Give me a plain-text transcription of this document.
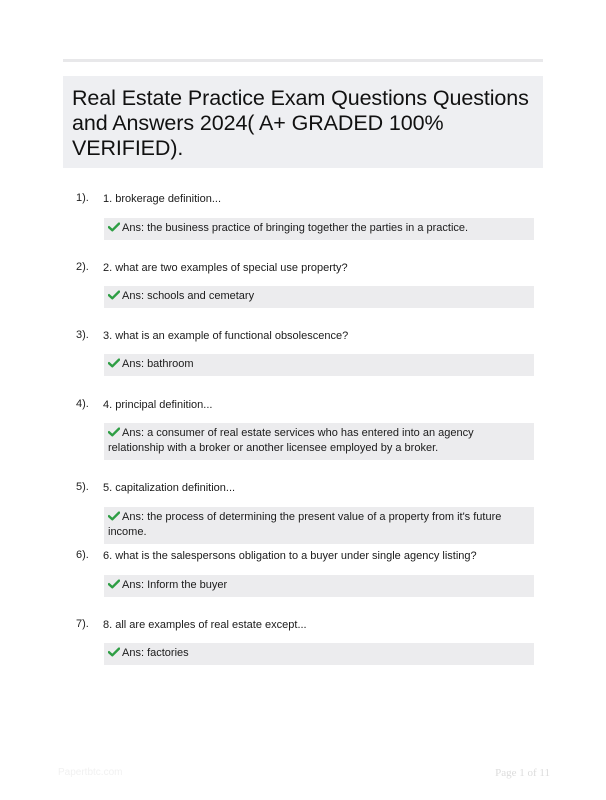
Real Estate Practice Exam Questions Questions and Answers 2024( A+ GRADED 100% VERIFIED).
1). 1. brokerage definition...
Ans: the business practice of bringing together the parties in a practice.
2). 2. what are two examples of special use property?
Ans: schools and cemetary
3). 3. what is an example of functional obsolescence?
Ans: bathroom
4). 4. principal definition...
Ans: a consumer of real estate services who has entered into an agency relationship with a broker or another licensee employed by a broker.
5). 5. capitalization definition...
Ans: the process of determining the present value of a property from it's future income.
6). 6. what is the salespersons obligation to a buyer under single agency listing?
Ans: Inform the buyer
7). 8. all are examples of real estate except...
Ans: factories
Papertbtc.com	Page 1 of 11
